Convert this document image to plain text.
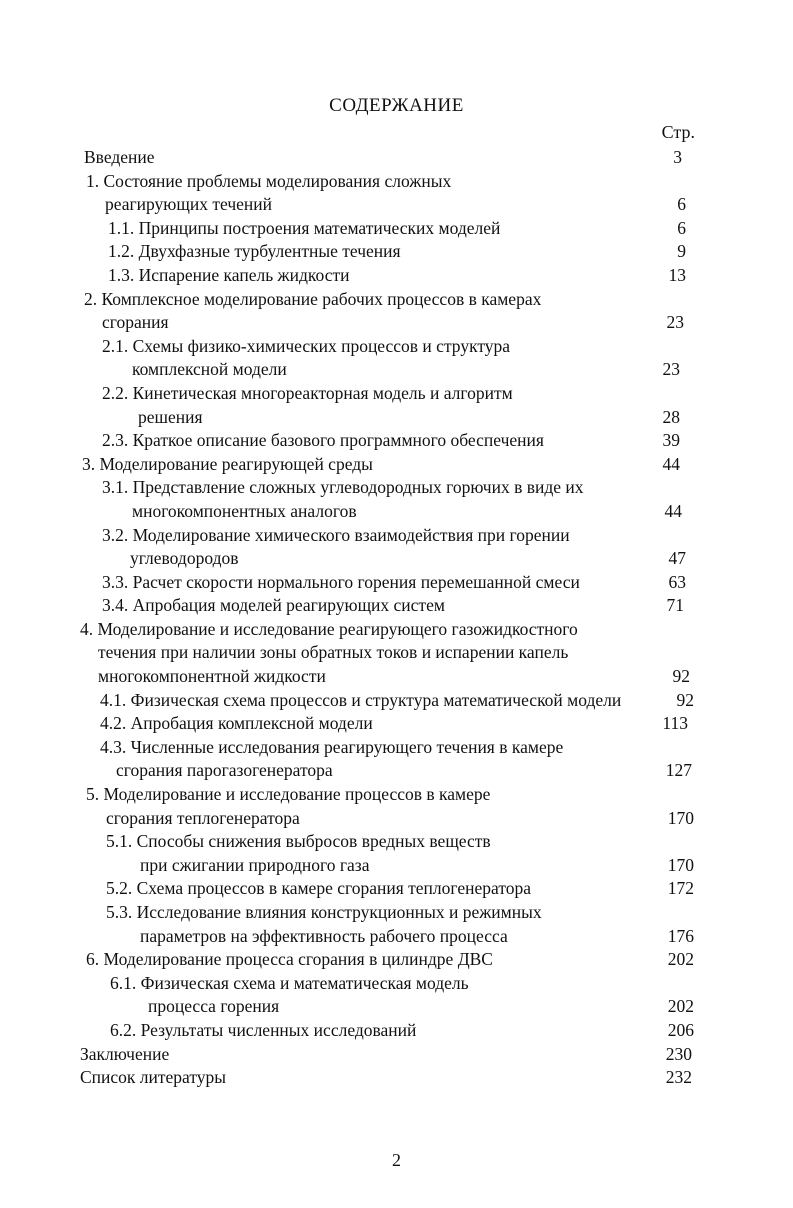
СОДЕРЖАНИЕ
Стр.
Введение	3
1. Состояние проблемы моделирования сложных
реагирующих течений	6
1.1. Принципы построения математических моделей	6
1.2. Двухфазные турбулентные течения	9
1.3. Испарение капель жидкости	13
2. Комплексное моделирование рабочих процессов в камерах
сгорания	23
2.1. Схемы физико-химических процессов и структура
комплексной модели	23
2.2. Кинетическая многореакторная модель и алгоритм
решения	28
2.3. Краткое описание базового программного обеспечения	39
3. Моделирование реагирующей среды	44
3.1. Представление сложных углеводородных горючих в виде их
многокомпонентных аналогов	44
3.2. Моделирование химического взаимодействия при горении
углеводородов	47
3.3. Расчет скорости нормального горения перемешанной смеси	63
3.4. Апробация моделей реагирующих систем	71
4. Моделирование и исследование реагирующего газожидкостного
течения при наличии зоны обратных токов и испарении капель
многокомпонентной жидкости	92
4.1. Физическая схема процессов и структура математической модели	92
4.2. Апробация комплексной модели	113
4.3. Численные исследования реагирующего течения в камере
сгорания парогазогенератора	127
5. Моделирование и исследование процессов в камере
сгорания теплогенератора	170
5.1. Способы снижения выбросов вредных веществ
при сжигании природного газа	170
5.2. Схема процессов в камере сгорания теплогенератора	172
5.3. Исследование влияния конструкционных и режимных
параметров на эффективность рабочего процесса	176
6. Моделирование процесса сгорания в цилиндре ДВС	202
6.1. Физическая схема и математическая модель
процесса горения	202
6.2. Результаты численных исследований	206
Заключение	230
Список литературы	232
2
